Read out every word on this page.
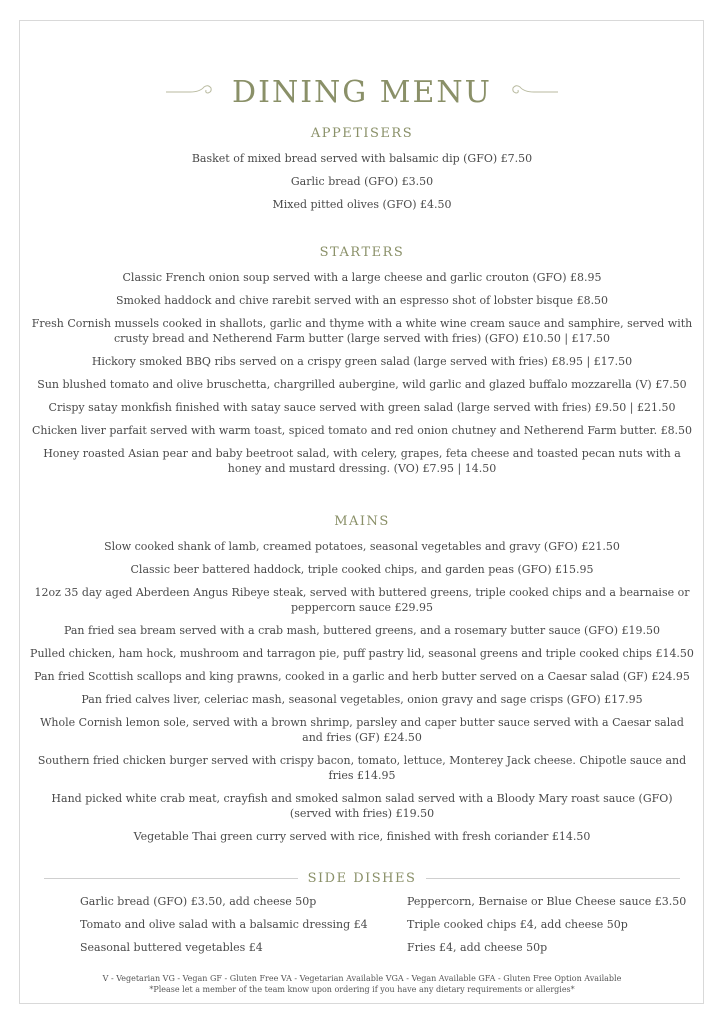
DINING MENU
APPETISERS
Basket of mixed bread served with balsamic dip (GFO) £7.50
Garlic bread (GFO) £3.50
Mixed pitted olives (GFO) £4.50
STARTERS
Classic French onion soup served with a large cheese and garlic crouton (GFO) £8.95
Smoked haddock and chive rarebit served with an espresso shot of lobster bisque £8.50
Fresh Cornish mussels cooked in shallots, garlic and thyme with a white wine cream sauce and samphire, served with crusty bread and Netherend Farm butter (large served with fries) (GFO) £10.50 | £17.50
Hickory smoked BBQ ribs served on a crispy green salad (large served with fries) £8.95 | £17.50
Sun blushed tomato and olive bruschetta, chargrilled aubergine, wild garlic and glazed buffalo mozzarella (V) £7.50
Crispy satay monkfish finished with satay sauce served with green salad (large served with fries) £9.50 | £21.50
Chicken liver parfait served with warm toast, spiced tomato and red onion chutney and Netherend Farm butter. £8.50
Honey roasted Asian pear and baby beetroot salad, with celery, grapes, feta cheese and toasted pecan nuts with a honey and mustard dressing. (VO) £7.95 | 14.50
MAINS
Slow cooked shank of lamb, creamed potatoes, seasonal vegetables and gravy (GFO) £21.50
Classic beer battered haddock, triple cooked chips, and garden peas (GFO) £15.95
12oz 35 day aged Aberdeen Angus Ribeye steak, served with buttered greens, triple cooked chips and a bearnaise or peppercorn sauce £29.95
Pan fried sea bream served with a crab mash, buttered greens, and a rosemary butter sauce (GFO) £19.50
Pulled chicken, ham hock, mushroom and tarragon pie, puff pastry lid, seasonal greens and triple cooked chips £14.50
Pan fried Scottish scallops and king prawns, cooked in a garlic and herb butter served on a Caesar salad (GF) £24.95
Pan fried calves liver, celeriac mash, seasonal vegetables, onion gravy and sage crisps (GFO) £17.95
Whole Cornish lemon sole, served with a brown shrimp, parsley and caper butter sauce served with a Caesar salad and fries (GF) £24.50
Southern fried chicken burger served with crispy bacon, tomato, lettuce, Monterey Jack cheese. Chipotle sauce and fries £14.95
Hand picked white crab meat, crayfish and smoked salmon salad served with a Bloody Mary roast sauce (GFO) (served with fries) £19.50
Vegetable Thai green curry served with rice, finished with fresh coriander £14.50
SIDE DISHES
Garlic bread (GFO) £3.50, add cheese 50p
Tomato and olive salad with a balsamic dressing £4
Seasonal buttered vegetables £4
Peppercorn, Bernaise or Blue Cheese sauce £3.50
Triple cooked chips £4, add cheese 50p
Fries £4, add cheese 50p
V - Vegetarian VG - Vegan GF - Gluten Free VA - Vegetarian Available VGA - Vegan Available GFA - Gluten Free Option Available
*Please let a member of the team know upon ordering if you have any dietary requirements or allergies*
